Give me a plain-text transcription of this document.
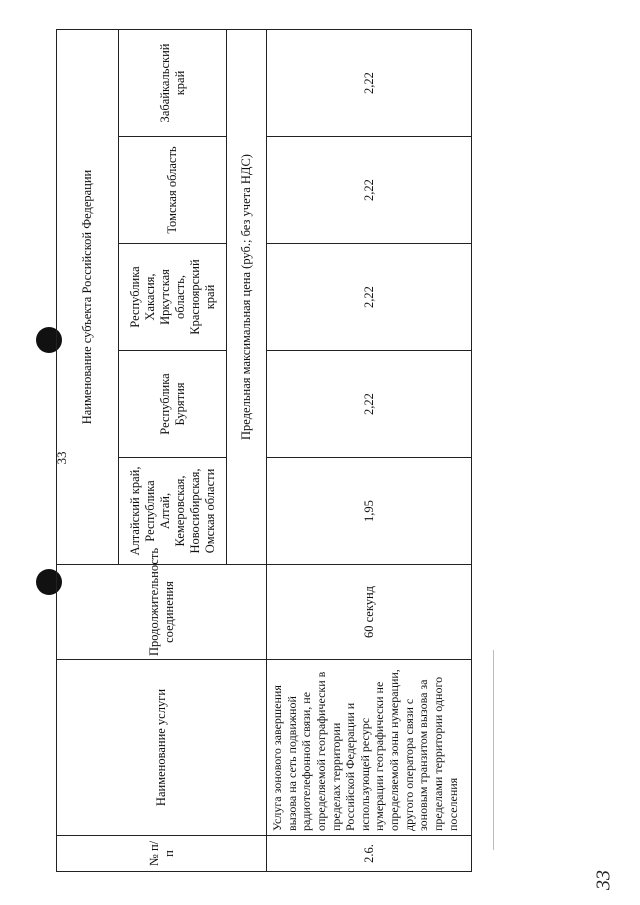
33
№ п/п	Наименование услуги	Продолжительность соединения	Наименование субъекта Российской Федерации				
			Алтайский край, Республика Алтай, Кемеровская, Новосибирская, Омская области	Республика Бурятия	Республика Хакасия, Иркутская область, Красноярский край	Томская область	Забайкальский край
			Предельная максимальная цена (руб.; без учета НДС)				
2.6.	Услуга зонового завершения вызова на сеть подвижной радиотелефонной связи, не определяемой географически в пределах территории Российской Федерации и использующей ресурс нумерации географически не определяемой зоны нумерации, другого оператора связи с зоновым транзитом вызова за пределами территории одного поселения	60 секунд	1,95	2,22	2,22	2,22	2,22
33
